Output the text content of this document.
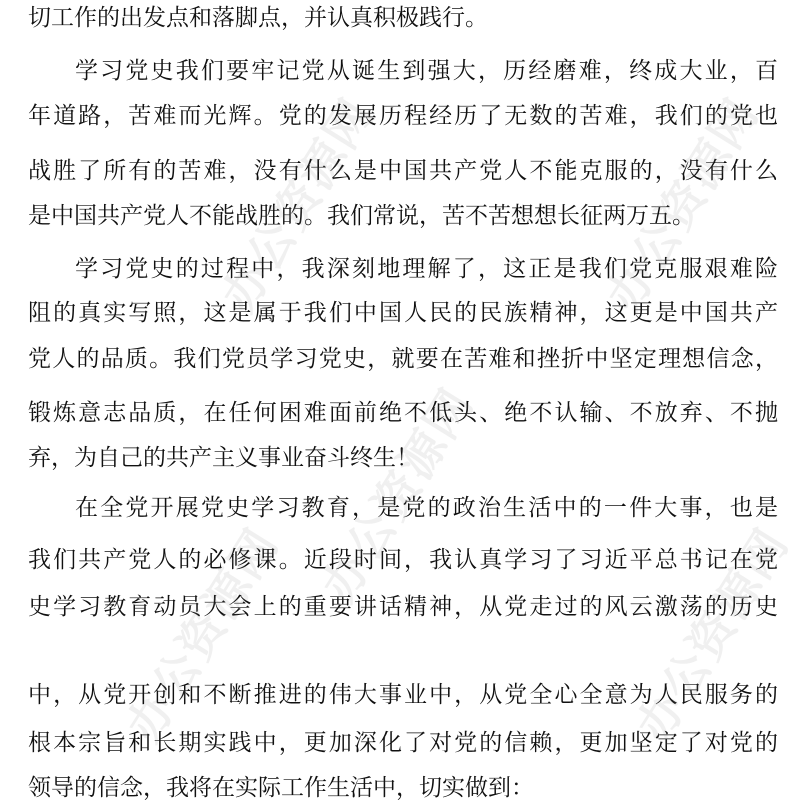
切工作的出发点和落脚点，并认真积极践行。
学习党史我们要牢记党从诞生到强大，历经磨难，终成大业，百
年道路，苦难而光辉。党的发展历程经历了无数的苦难，我们的党也
战胜了所有的苦难，没有什么是中国共产党人不能克服的，没有什么
是中国共产党人不能战胜的。我们常说，苦不苦想想长征两万五。
学习党史的过程中，我深刻地理解了，这正是我们党克服艰难险
阻的真实写照，这是属于我们中国人民的民族精神，这更是中国共产
党人的品质。我们党员学习党史，就要在苦难和挫折中坚定理想信念，
锻炼意志品质，在任何困难面前绝不低头、绝不认输、不放弃、不抛
弃，为自己的共产主义事业奋斗终生！
在全党开展党史学习教育，是党的政治生活中的一件大事，也是
我们共产党人的必修课。近段时间，我认真学习了习近平总书记在党
史学习教育动员大会上的重要讲话精神，从党走过的风云激荡的历史
中，从党开创和不断推进的伟大事业中，从党全心全意为人民服务的
根本宗旨和长期实践中，更加深化了对党的信赖，更加坚定了对党的
领导的信念，我将在实际工作生活中，切实做到：
办公资源网	办公资源网
办公资源网
办公资源网	办公资源网
